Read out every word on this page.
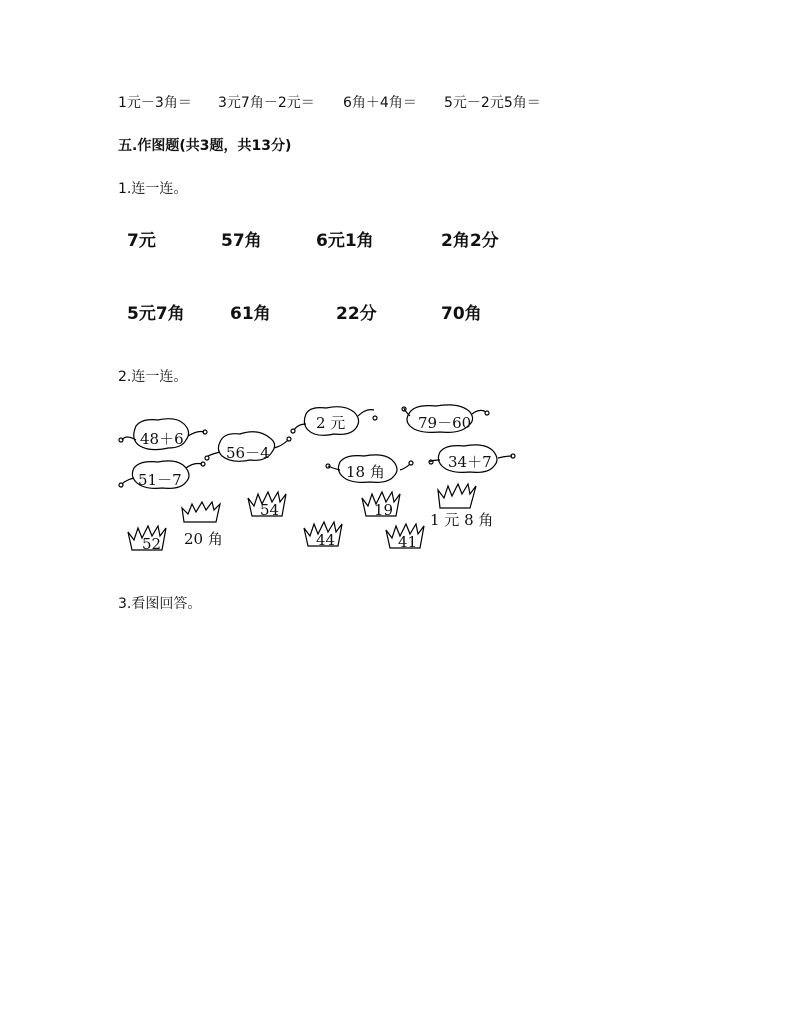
1元－3角＝ 3元7角－2元＝ 6角＋4角＝ 5元－2元5角＝
五.作图题(共3题，共13分)
1.连一连。
7元	57角	6元1角	2角2分
5元7角	61角	22分	70角
2.连一连。
48＋6
56－4
51－7
2 元	79－60
18 角
34＋7
54	19
52	44	41
1 元 8 角
20 角
3.看图回答。
